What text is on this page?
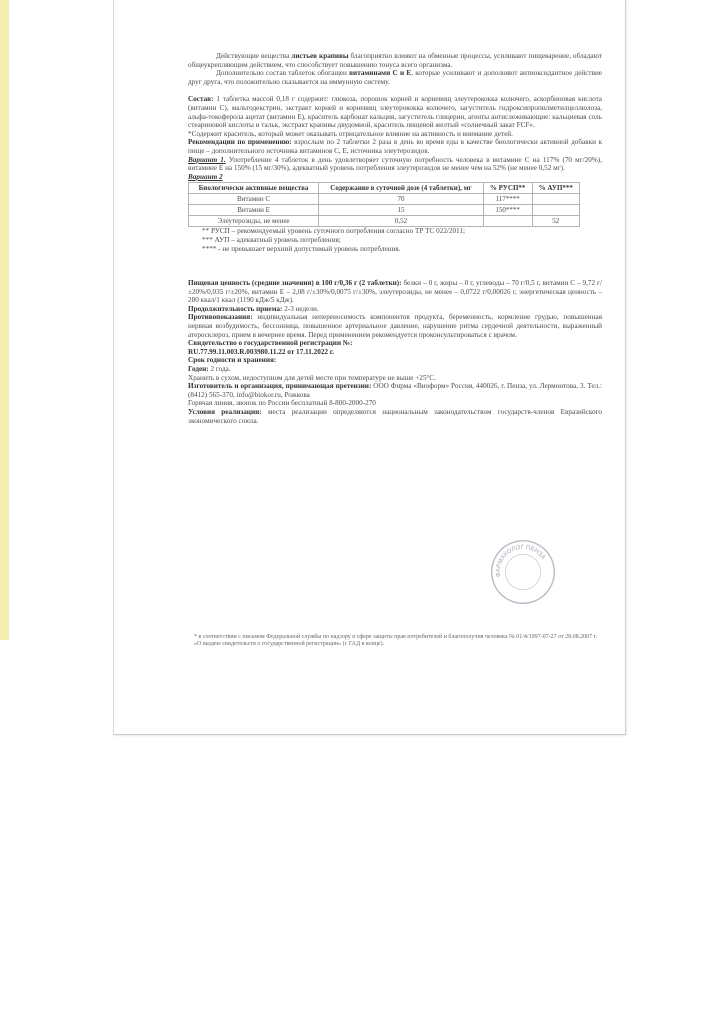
Действующие вещества листьев крапивы благоприятно влияют на обменные процессы, усиливают пищеварение, обладают общеукрепляющим действием, что способствует повышению тонуса всего организма.

Дополнительно состав таблеток обогащен витаминами С и Е, которые усиливают и дополняют антиоксидантное действие друг друга, что положительно сказывается на иммунную систему.

Состав: 1 таблетка массой 0,18 г содержит: глюкоза, порошок корней и корневищ элеутерококка колючего, аскорбиновая кислота (витамин С), мальтодекстрин, экстракт корней и корневищ элеутерококка колючего, загуститель гидроксипропилметилцеллюлоза, альфа-токоферола ацетат (витамин Е), краситель карбонат кальция, загуститель глицерин, агенты антислеживающие: кальциевая соль стеариновой кислоты и тальк, экстракт крапивы двудомной, краситель пищевой желтый «солнечный закат FCF».

*Содержит краситель, который может оказывать отрицательное влияние на активность и внимание детей.

Рекомендации по применению: взрослым по 2 таблетки 2 раза в день во время еды в качестве биологически активной добавки к пище – дополнительного источника витаминов С, Е, источника элеутерозидов.

Вариант 1. Употребление 4 таблеток в день удовлетворяет суточную потребность человека в витамине С на 117% (70 мг/20%), витамине Е на 150% (15 мг/30%), адекватный уровень потребления элеутерозидов не менее чем на 52% (не менее 0,52 мг).

Вариант 2

Биологически активные вещества	Содержание в суточной дозе (4 таблетки), мг	% РУСП**	% АУП***
Витамин С	70	117****	
Витамин Е	15	150****	
Элеутерозиды, не менее	0,52		52

** РУСП – рекомендуемый уровень суточного потребления согласно ТР ТС 022/2011;

*** АУП – адекватный уровень потребления;

**** - не превышает верхний допустимый уровень потребления.

Пищевая ценность (средние значения) в 100 г/0,36 г (2 таблетки): белки – 0 г, жиры – 0 г, углеводы – 70 г/0,5 г, витамин С – 9,72 г/±20%/0,035 г/±20%, витамин Е – 2,08 г/±30%/0,0075 г/±30%, элеутерозиды, не менее – 0,0722 г/0,00026 г, энергетическая ценность – 280 ккал/1 ккал (1190 кДж/5 кДж).

Продолжительность приема: 2-3 недели.

Противопоказания: индивидуальная непереносимость компонентов продукта, беременность, кормление грудью, повышенная нервная возбудимость, бессонница, повышенное артериальное давление, нарушение ритма сердечной деятельности, выраженный атеросклероз, прием в вечернее время. Перед применением рекомендуется проконсультироваться с врачом.

Свидетельство о государственной регистрации №:

RU.77.99.11.003.R.003980.11.22 от 17.11.2022 г.

Срок годности и хранения:

Годен: 2 года.

Хранить в сухом, недоступном для детей месте при температуре не выше +25°С.

Изготовитель и организация, принимающая претензии: ООО Фирма «Виоформ» Россия, 440026, г. Пенза, ул. Лермонтова, 3. Тел.: (8412) 565-370, info@biokor.ru, Рожкова

Горячая линия, звонок по России бесплатный 8-800-2000-270

Условия реализации: места реализации определяются национальным законодательством государств-членов Евразийского экономического союза.

ФАРМАКОЛОГ ПЕНЗА

* в соответствии с письмом Федеральной службы по надзору в сфере защиты прав потребителей и благополучия человека № 01/4/1997-07-27 от 28.08.2007 г. «О выдаче свидетельств о государственной регистрации» (с ГАД в конце).
